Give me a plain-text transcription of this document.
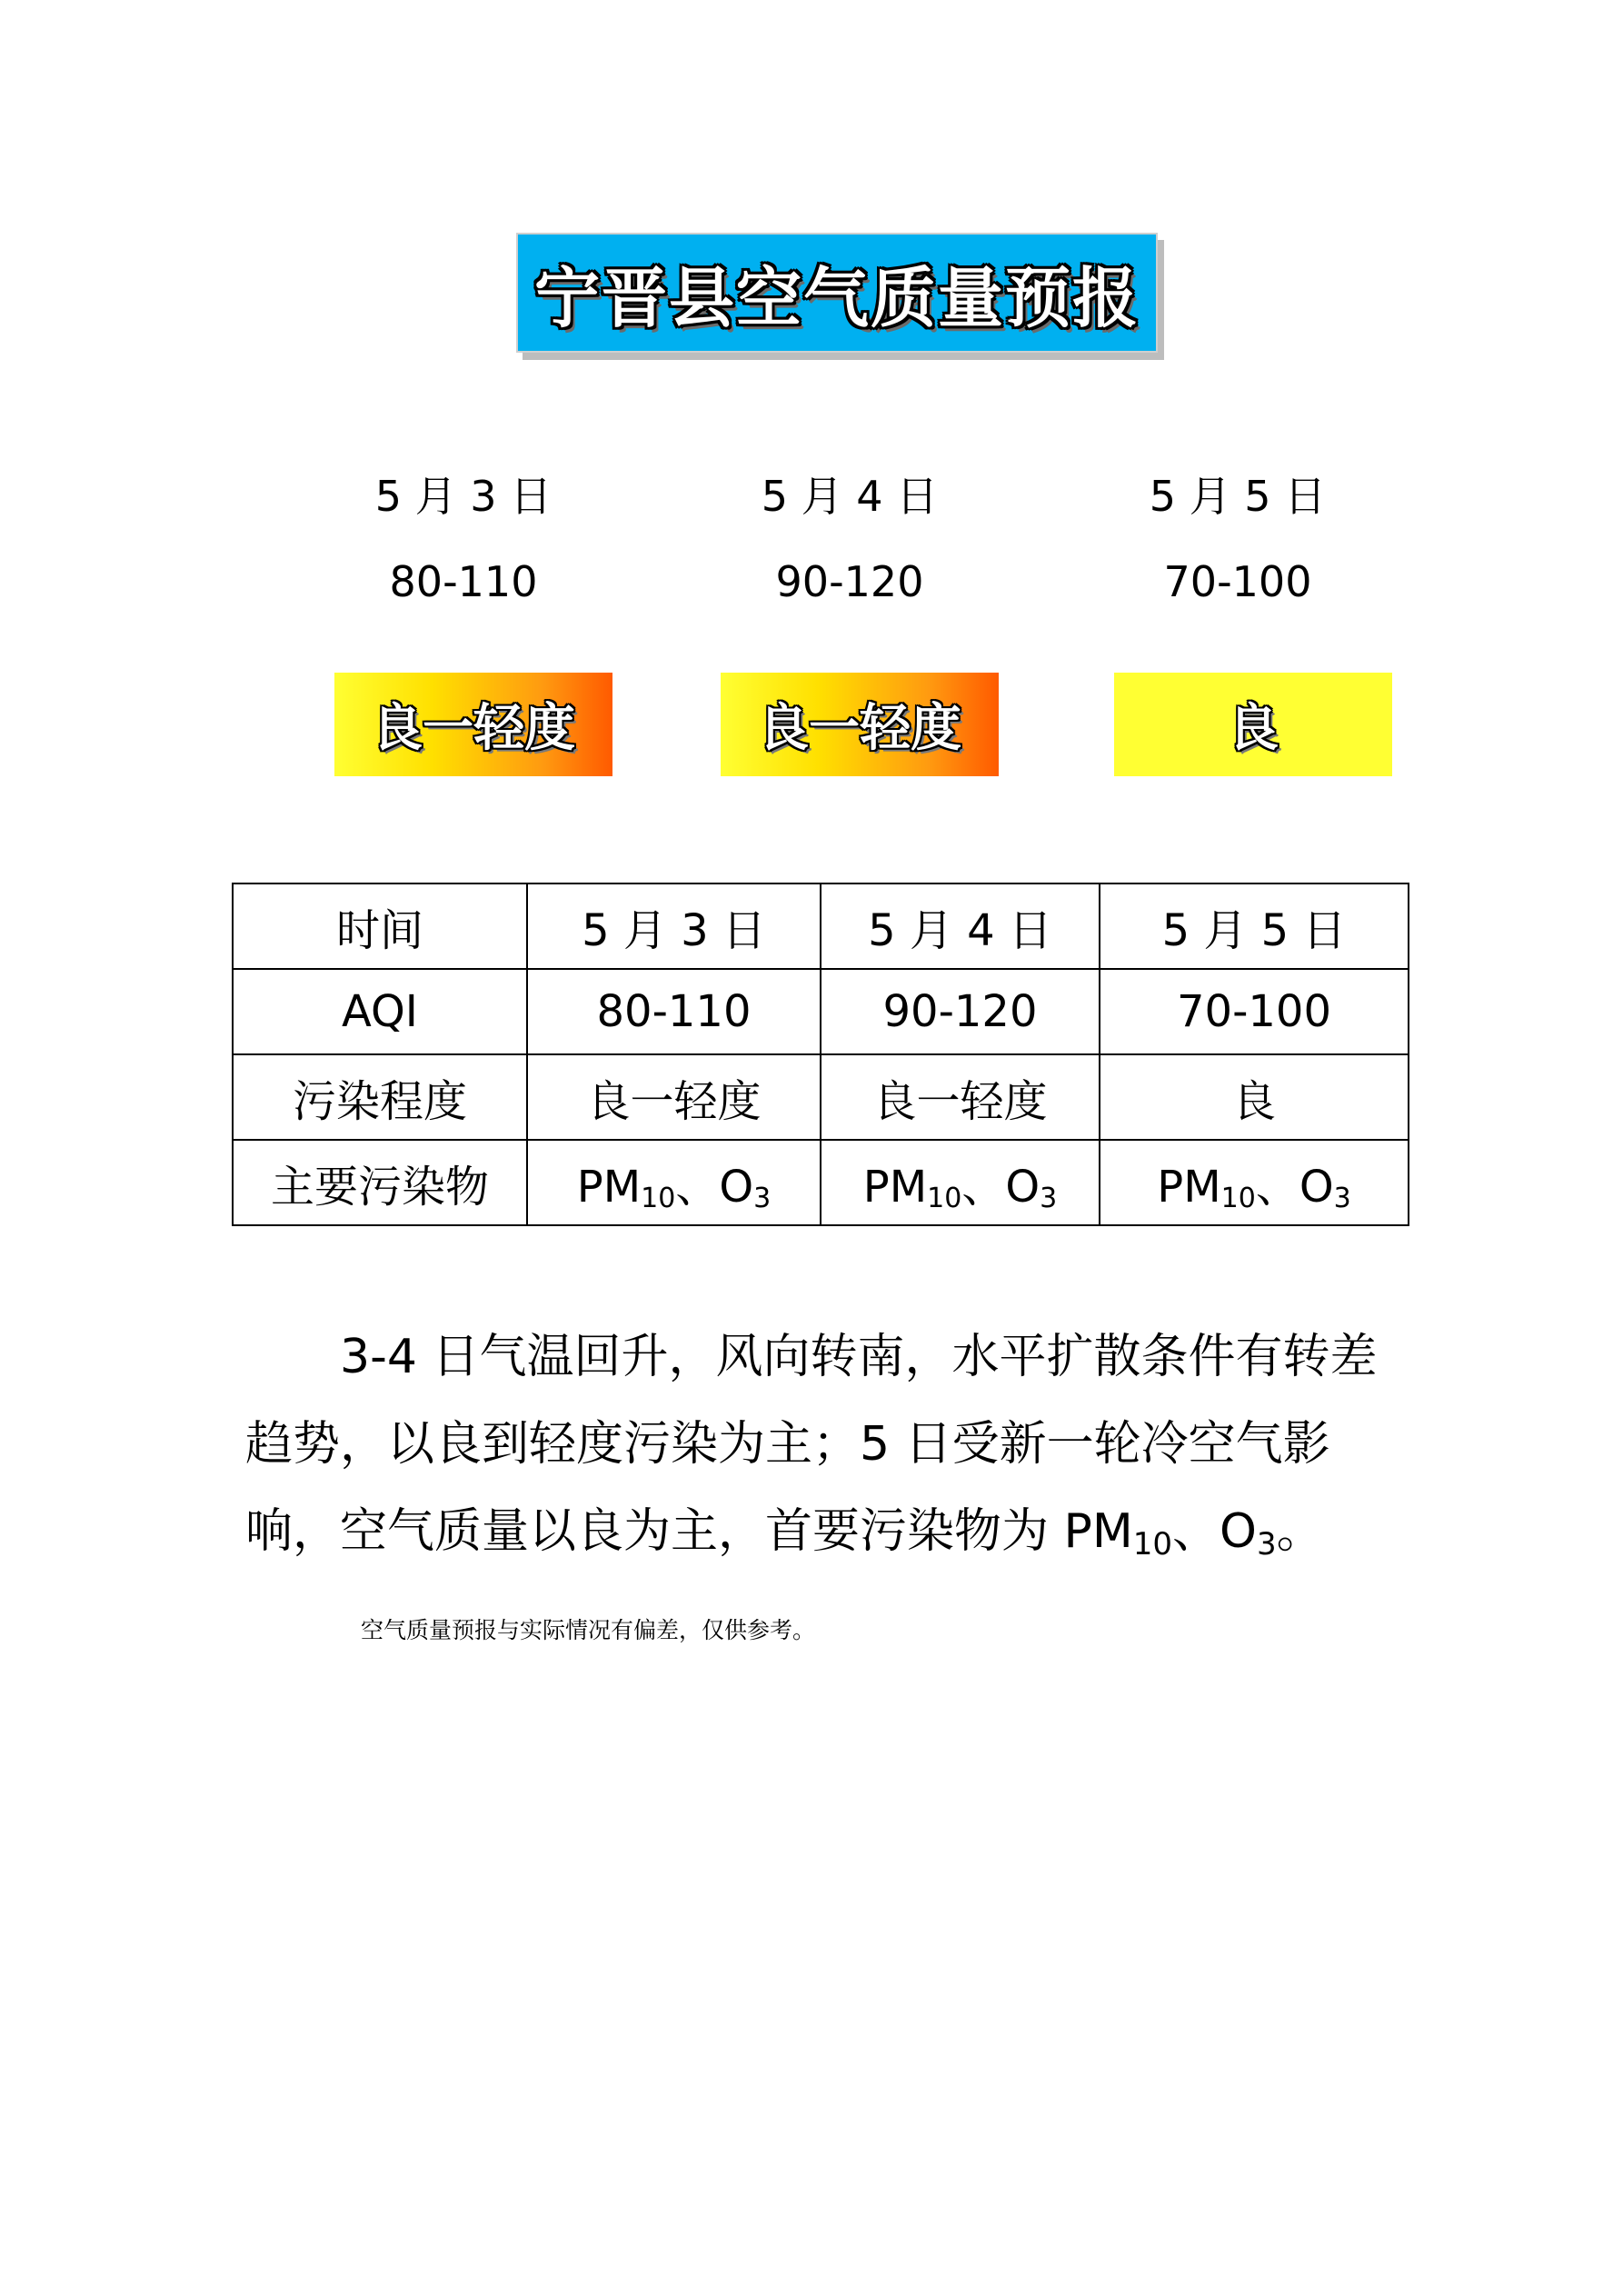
宁晋县空气质量预报
5 月 3 日
80-110
良一轻度
5 月 4 日
90-120
良一轻度
5 月 5 日
70-100
良
时间	5 月 3 日	5 月 4 日	5 月 5 日
AQI	80-110	90-120	70-100
污染程度	良一轻度	良一轻度	良
主要污染物	PM10、O3	PM10、O3	PM10、O3

3-4 日气温回升，风向转南，水平扩散条件有转差趋势，以良到轻度污染为主；5 日受新一轮冷空气影响，空气质量以良为主，首要污染物为 PM10、O3。

空气质量预报与实际情况有偏差，仅供参考。
